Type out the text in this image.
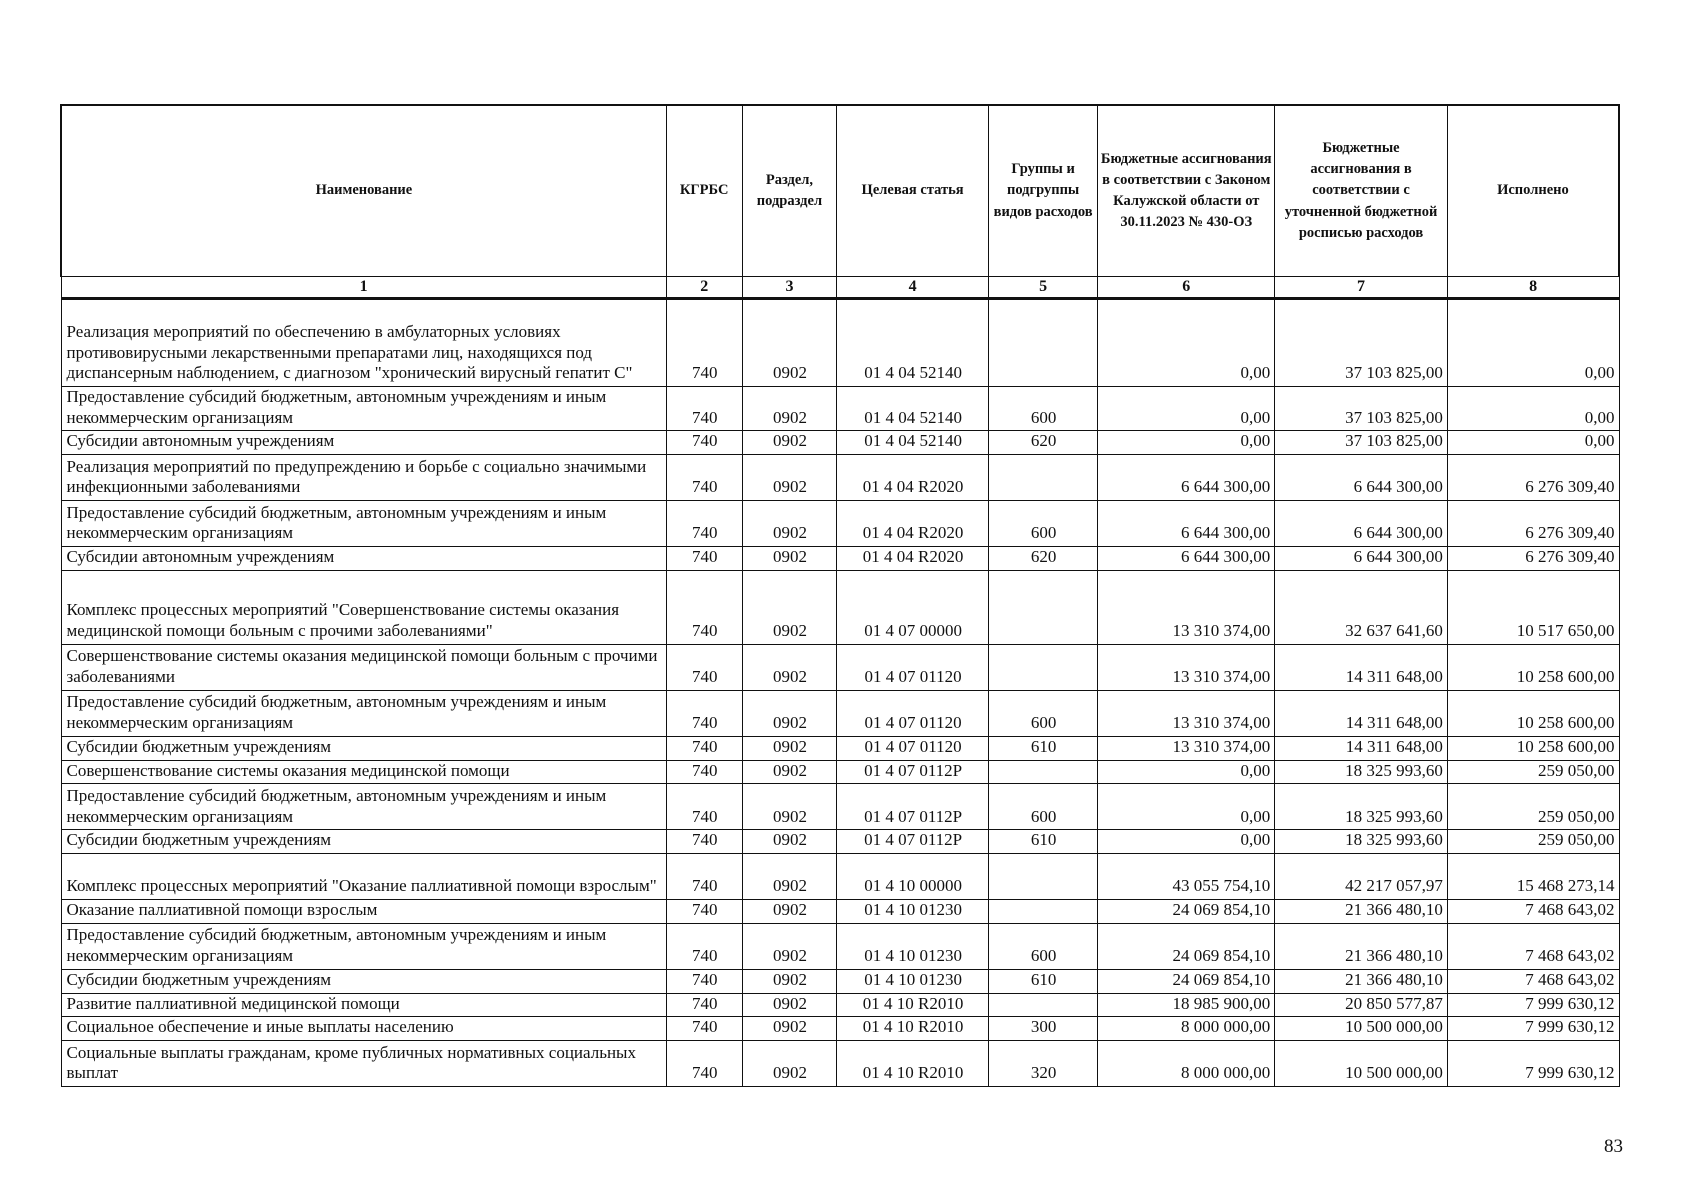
Наименование	КГРБС	Раздел, подраздел	Целевая статья	Группы и подгруппы видов расходов	Бюджетные ассигнования в соответствии с Законом Калужской области от 30.11.2023 № 430-ОЗ	Бюджетные ассигнования в соответствии с уточненной бюджетной росписью расходов	Исполнено
1	2	3	4	5	6	7	8
Реализация мероприятий по обеспечению в амбулаторных условиях противовирусными лекарственными препаратами лиц, находящихся под диспансерным наблюдением, с диагнозом "хронический вирусный гепатит С"	740	0902	01 4 04 52140		0,00	37 103 825,00	0,00
Предоставление субсидий бюджетным, автономным учреждениям и иным некоммерческим организациям	740	0902	01 4 04 52140	600	0,00	37 103 825,00	0,00
Субсидии автономным учреждениям	740	0902	01 4 04 52140	620	0,00	37 103 825,00	0,00
Реализация мероприятий по предупреждению и борьбе с социально значимыми инфекционными заболеваниями	740	0902	01 4 04 R2020		6 644 300,00	6 644 300,00	6 276 309,40
Предоставление субсидий бюджетным, автономным учреждениям и иным некоммерческим организациям	740	0902	01 4 04 R2020	600	6 644 300,00	6 644 300,00	6 276 309,40
Субсидии автономным учреждениям	740	0902	01 4 04 R2020	620	6 644 300,00	6 644 300,00	6 276 309,40
Комплекс процессных мероприятий "Совершенствование системы оказания медицинской помощи больным с прочими заболеваниями"	740	0902	01 4 07 00000		13 310 374,00	32 637 641,60	10 517 650,00
Совершенствование системы оказания медицинской помощи больным с прочими заболеваниями	740	0902	01 4 07 01120		13 310 374,00	14 311 648,00	10 258 600,00
Предоставление субсидий бюджетным, автономным учреждениям и иным некоммерческим организациям	740	0902	01 4 07 01120	600	13 310 374,00	14 311 648,00	10 258 600,00
Субсидии бюджетным учреждениям	740	0902	01 4 07 01120	610	13 310 374,00	14 311 648,00	10 258 600,00
Совершенствование системы оказания медицинской помощи	740	0902	01 4 07 0112P		0,00	18 325 993,60	259 050,00
Предоставление субсидий бюджетным, автономным учреждениям и иным некоммерческим организациям	740	0902	01 4 07 0112P	600	0,00	18 325 993,60	259 050,00
Субсидии бюджетным учреждениям	740	0902	01 4 07 0112P	610	0,00	18 325 993,60	259 050,00
Комплекс процессных мероприятий "Оказание паллиативной помощи взрослым"	740	0902	01 4 10 00000		43 055 754,10	42 217 057,97	15 468 273,14
Оказание паллиативной помощи взрослым	740	0902	01 4 10 01230		24 069 854,10	21 366 480,10	7 468 643,02
Предоставление субсидий бюджетным, автономным учреждениям и иным некоммерческим организациям	740	0902	01 4 10 01230	600	24 069 854,10	21 366 480,10	7 468 643,02
Субсидии бюджетным учреждениям	740	0902	01 4 10 01230	610	24 069 854,10	21 366 480,10	7 468 643,02
Развитие паллиативной медицинской помощи	740	0902	01 4 10 R2010		18 985 900,00	20 850 577,87	7 999 630,12
Социальное обеспечение и иные выплаты населению	740	0902	01 4 10 R2010	300	8 000 000,00	10 500 000,00	7 999 630,12
Социальные выплаты гражданам, кроме публичных нормативных социальных выплат	740	0902	01 4 10 R2010	320	8 000 000,00	10 500 000,00	7 999 630,12
83
